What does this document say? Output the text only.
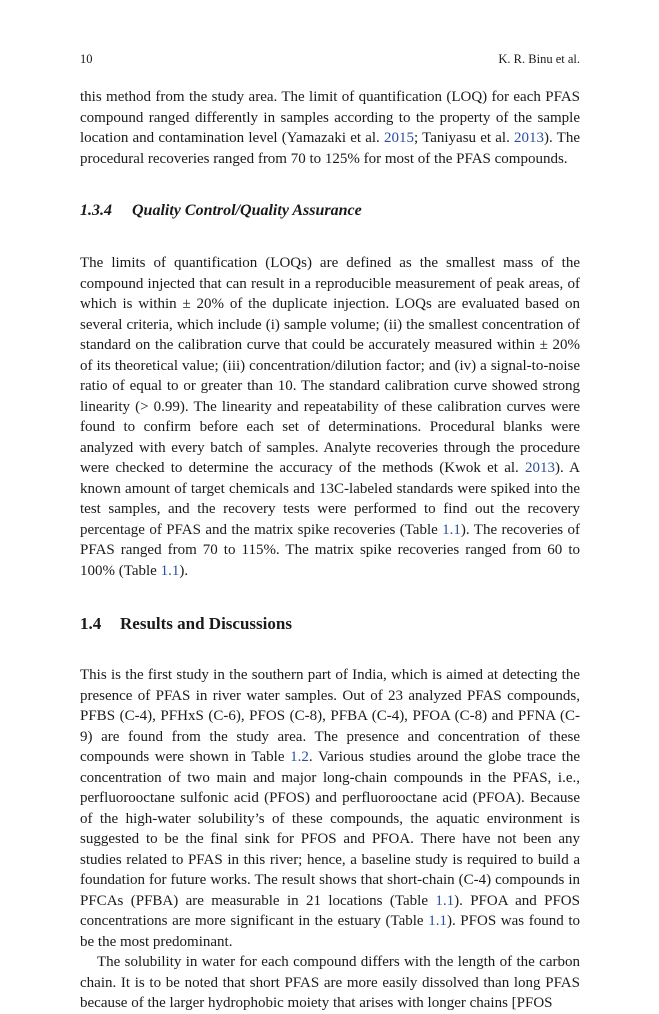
10	K. R. Binu et al.

this method from the study area. The limit of quantification (LOQ) for each PFAS compound ranged differently in samples according to the property of the sample location and contamination level (Yamazaki et al. 2015; Taniyasu et al. 2013). The procedural recoveries ranged from 70 to 125% for most of the PFAS compounds.

1.3.4 Quality Control/Quality Assurance

The limits of quantification (LOQs) are defined as the smallest mass of the compound injected that can result in a reproducible measurement of peak areas, of which is within ± 20% of the duplicate injection. LOQs are evaluated based on several criteria, which include (i) sample volume; (ii) the smallest concentration of standard on the calibration curve that could be accurately measured within ± 20% of its theoretical value; (iii) concentration/dilution factor; and (iv) a signal-to-noise ratio of equal to or greater than 10. The standard calibration curve showed strong linearity (> 0.99). The linearity and repeatability of these calibration curves were found to confirm before each set of determinations. Procedural blanks were analyzed with every batch of samples. Analyte recoveries through the procedure were checked to determine the accuracy of the methods (Kwok et al. 2013). A known amount of target chemicals and 13C-labeled standards were spiked into the test samples, and the recovery tests were performed to find out the recovery percentage of PFAS and the matrix spike recoveries (Table 1.1). The recoveries of PFAS ranged from 70 to 115%. The matrix spike recoveries ranged from 60 to 100% (Table 1.1).

1.4 Results and Discussions

This is the first study in the southern part of India, which is aimed at detecting the presence of PFAS in river water samples. Out of 23 analyzed PFAS compounds, PFBS (C-4), PFHxS (C-6), PFOS (C-8), PFBA (C-4), PFOA (C-8) and PFNA (C-9) are found from the study area. The presence and concentration of these compounds were shown in Table 1.2. Various studies around the globe trace the concentration of two main and major long-chain compounds in the PFAS, i.e., perfluorooctane sulfonic acid (PFOS) and perfluorooctane acid (PFOA). Because of the high-water solubility’s of these compounds, the aquatic environment is suggested to be the final sink for PFOS and PFOA. There have not been any studies related to PFAS in this river; hence, a baseline study is required to build a foundation for future works. The result shows that short-chain (C-4) compounds in PFCAs (PFBA) are measurable in 21 locations (Table 1.1). PFOA and PFOS concentrations are more significant in the estuary (Table 1.1). PFOS was found to be the most predominant.

The solubility in water for each compound differs with the length of the carbon chain. It is to be noted that short PFAS are more easily dissolved than long PFAS because of the larger hydrophobic moiety that arises with longer chains [PFOS
